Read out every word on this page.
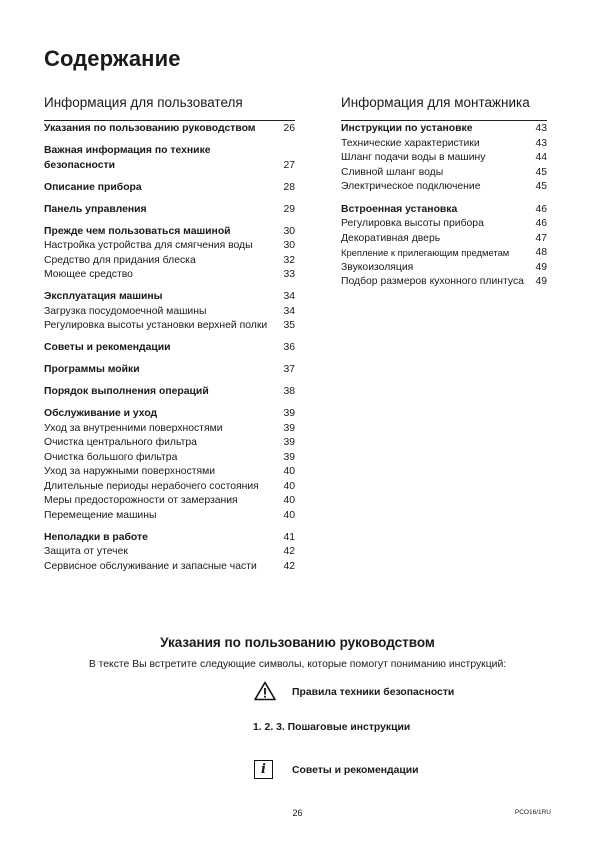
Содержание
Информация для пользователя
Указания по пользованию руководством	26
Важная информация по технике безопасности	27
Описание прибора	28
Панель управления	29
Прежде чем пользоваться машиной	30
Настройка устройства для смягчения воды	30
Средство для придания блеска	32
Моющее средство	33
Эксплуатация машины	34
Загрузка посудомоечной машины	34
Регулировка высоты установки верхней полки	35
Советы и рекомендации	36
Программы мойки	37
Порядок выполнения операций	38
Обслуживание и уход	39
Уход за внутренними поверхностями	39
Очистка центрального фильтра	39
Очистка большого фильтра	39
Уход за наружными поверхностями	40
Длительные периоды нерабочего состояния	40
Меры предосторожности от замерзания	40
Перемещение машины	40
Неполадки в работе	41
Защита от утечек	42
Сервисное обслуживание и запасные части	42
Информация для монтажника
Инструкции по установке	43
Технические характеристики	43
Шланг подачи воды в машину	44
Сливной шланг воды	45
Электрическое подключение	45
Встроенная установка	46
Регулировка высоты прибора	46
Декоративная дверь	47
Крепление к прилегающим предметам	48
Звукоизоляция	49
Подбор размеров кухонного плинтуса	49
Указания по пользованию руководством
В тексте Вы встретите следующие символы, которые помогут пониманию инструкций:
Правила техники безопасности
1. 2. 3. Пошаговые инструкции
i	Советы и рекомендации
26	PCO16/1RU
